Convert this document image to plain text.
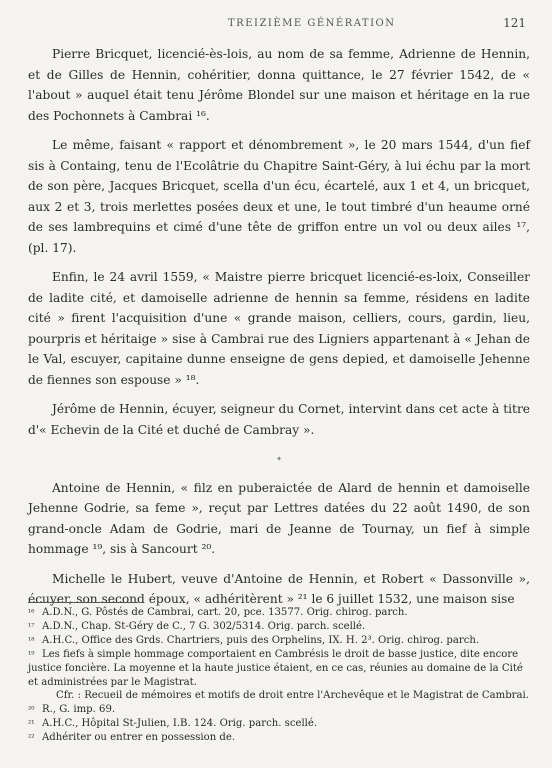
TREIZIÈME GÉNÉRATION	121

Pierre Bricquet, licencié-ès-lois, au nom de sa femme, Adrienne de Hennin, et de Gilles de Hennin, cohéritier, donna quittance, le 27 février 1542, de « l'about » auquel était tenu Jérôme Blondel sur une maison et héritage en la rue des Pochonnets à Cambrai ¹⁶.

Le même, faisant « rapport et dénombrement », le 20 mars 1544, d'un fief sis à Containg, tenu de l'Ecolâtrie du Chapitre Saint-Géry, à lui échu par la mort de son père, Jacques Bricquet, scella d'un écu, écartelé, aux 1 et 4, un bricquet, aux 2 et 3, trois merlettes posées deux et une, le tout timbré d'un heaume orné de ses lambrequins et cimé d'une tête de griffon entre un vol ou deux ailes ¹⁷, (pl. 17).

Enfin, le 24 avril 1559, « Maistre pierre bricquet licencié-es-loix, Conseiller de ladite cité, et damoiselle adrienne de hennin sa femme, résidens en ladite cité » firent l'acquisition d'une « grande maison, celliers, cours, gardin, lieu, pourpris et héritaige » sise à Cambrai rue des Ligniers appartenant à « Jehan de le Val, escuyer, capitaine dunne enseigne de gens depied, et damoiselle Jehenne de fiennes son espouse » ¹⁸.

Jérôme de Hennin, écuyer, seigneur du Cornet, intervint dans cet acte à titre d'« Echevin de la Cité et duché de Cambray ».

✦

Antoine de Hennin, « filz en puberaictée de Alard de hennin et damoiselle Jehenne Godrie, sa feme », reçut par Lettres datées du 22 août 1490, de son grand-oncle Adam de Godrie, mari de Jeanne de Tournay, un fief à simple hommage ¹⁹, sis à Sancourt ²⁰.

Michelle le Hubert, veuve d'Antoine de Hennin, et Robert « Dassonville », écuyer, son second époux, « adhéritèrent » ²¹ le 6 juillet 1532, une maison sise

¹⁶ A.D.N., G. Pôstés de Cambrai, cart. 20, pce. 13577. Orig. chirog. parch.

¹⁷ A.D.N., Chap. St-Géry de C., 7 G. 302/5314. Orig. parch. scellé.

¹⁸ A.H.C., Office des Grds. Chartriers, puis des Orphelins, IX. H. 2³. Orig. chirog. parch.

¹⁹ Les fiefs à simple hommage comportaient en Cambrésis le droit de basse justice, dite encore justice foncière. La moyenne et la haute justice étaient, en ce cas, réunies au domaine de la Cité et administrées par le Magistrat.

Cfr. : Recueil de mémoires et motifs de droit entre l'Archevêque et le Magistrat de Cambrai.

²⁰ R., G. imp. 69.

²¹ A.H.C., Hôpital St-Julien, I.B. 124. Orig. parch. scellé.

²² Adhériter ou entrer en possession de.
